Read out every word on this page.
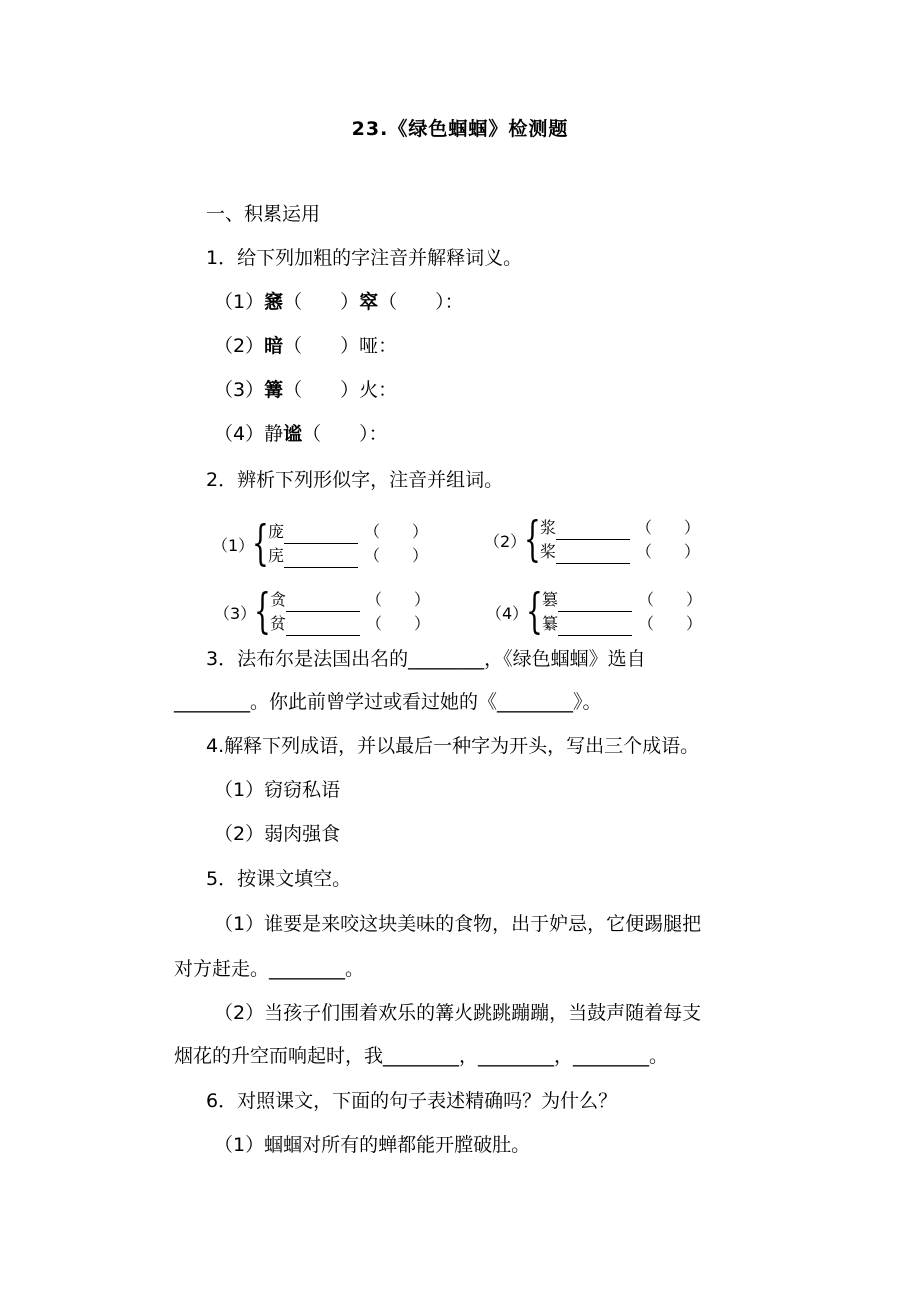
23.《绿色蝈蝈》检测题
一、积累运用
1．给下列加粗的字注音并解释词义。
（1）窸（　　）窣（　　）：
（2）暗（　　）哑：
（3）篝（　　）火：
（4）静谧（　　）：
2．辨析下列形似字，注音并组词。
（1）
{ 庞	（　　）
庑	（　　）
（2）
{ 浆	（　　）
桨	（　　）
（3）
{ 贪	（　　）
贫	（　　）
（4）
{ 篡	（　　）
纂	（　　）
3．法布尔是法国出名的________，《绿色蝈蝈》选自
________。你此前曾学过或看过她的《________》。
4.解释下列成语，并以最后一种字为开头，写出三个成语。
（1）窃窃私语
（2）弱肉强食
5．按课文填空。
（1）谁要是来咬这块美味的食物，出于妒忌，它便踢腿把
对方赶走。________。
（2）当孩子们围着欢乐的篝火跳跳蹦蹦，当鼓声随着每支
烟花的升空而响起时，我________，________，________。
6．对照课文，下面的句子表述精确吗？为什么？
（1）蝈蝈对所有的蝉都能开膛破肚。
